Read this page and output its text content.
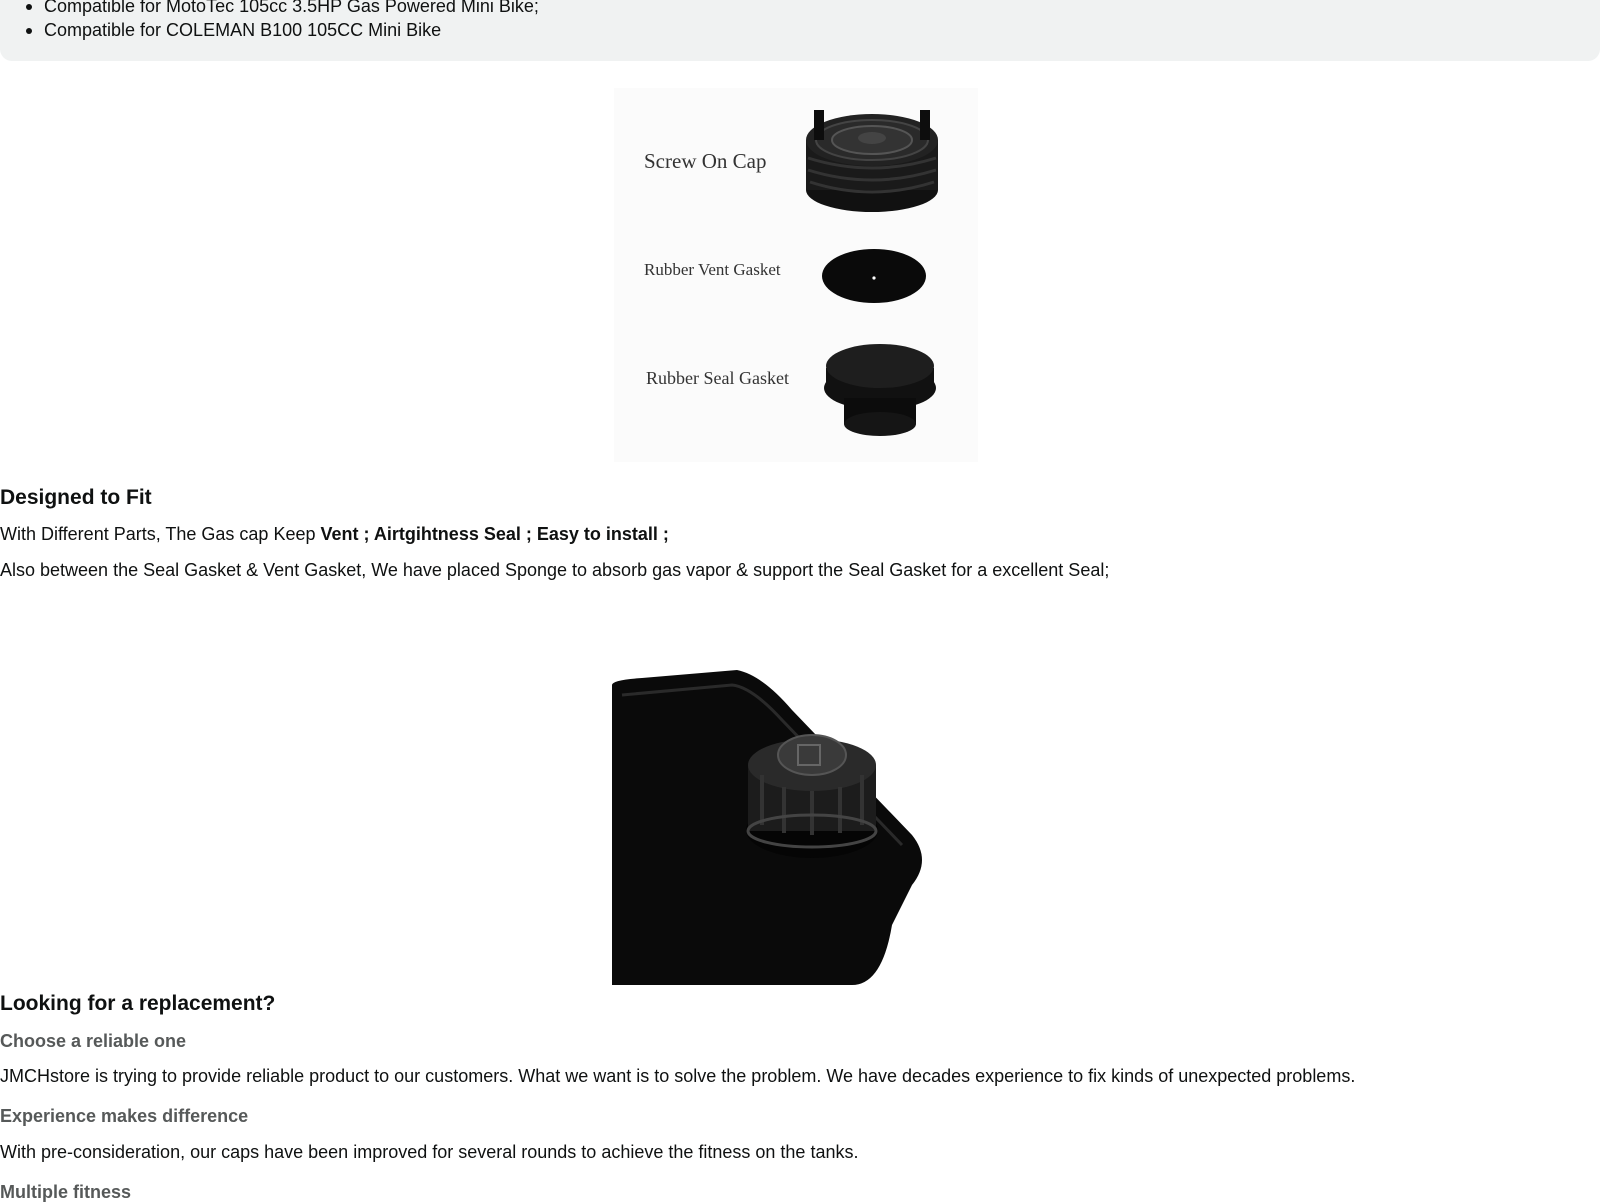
Compatible for MotoTec 105cc 3.5HP Gas Powered Mini Bike;
Compatible for COLEMAN B100 105CC Mini Bike
Screw On Cap
Rubber Vent Gasket
Rubber Seal Gasket
Designed to Fit

With Different Parts, The Gas cap Keep Vent ; Airtgihtness Seal ; Easy to install ;

Also between the Seal Gasket & Vent Gasket, We have placed Sponge to absorb gas vapor & support the Seal Gasket for a excellent Seal;

Looking for a replacement?

Choose a reliable one

JMCHstore is trying to provide reliable product to our customers. What we want is to solve the problem. We have decades experience to fix kinds of unexpected problems.

Experience makes difference

With pre-consideration, our caps have been improved for several rounds to achieve the fitness on the tanks.

Multiple fitness
